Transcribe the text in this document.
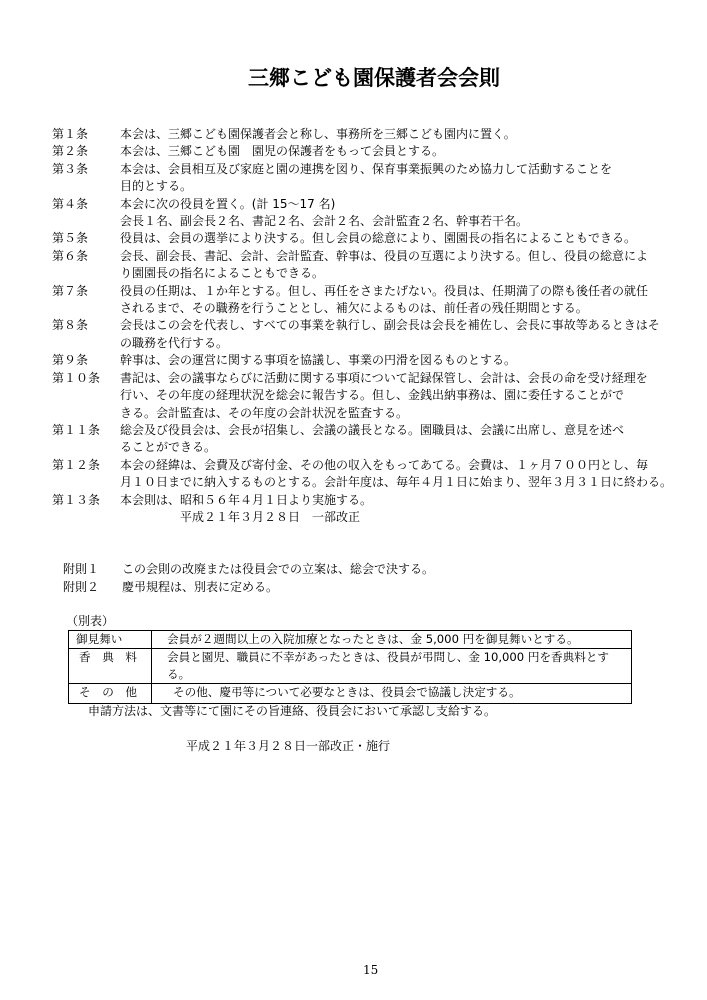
三郷こども園保護者会会則
第１条	本会は、三郷こども園保護者会と称し、事務所を三郷こども園内に置く。
第２条	本会は、三郷こども園　園児の保護者をもって会員とする。
第３条	本会は、会員相互及び家庭と園の連携を図り、保育事業振興のため協力して活動することを
目的とする。
第４条	本会に次の役員を置く。(計 15～17 名)
会長１名、副会長２名、書記２名、会計２名、会計監査２名、幹事若干名。
第５条	役員は、会員の選挙により決する。但し会員の総意により、園園長の指名によることもできる。
第６条	会長、副会長、書記、会計、会計監査、幹事は、役員の互選により決する。但し、役員の総意によ
り園園長の指名によることもできる。
第７条	役員の任期は、１か年とする。但し、再任をさまたげない。役員は、任期満了の際も後任者の就任
されるまで、その職務を行うこととし、補欠によるものは、前任者の残任期間とする。
第８条	会長はこの会を代表し、すべての事業を執行し、副会長は会長を補佐し、会長に事故等あるときはそ
の職務を代行する。
第９条	幹事は、会の運営に関する事項を協議し、事業の円滑を図るものとする。
第１０条	書記は、会の議事ならびに活動に関する事項について記録保管し、会計は、会長の命を受け経理を
行い、その年度の経理状況を総会に報告する。但し、金銭出納事務は、園に委任することがで
きる。会計監査は、その年度の会計状況を監査する。
第１１条	総会及び役員会は、会長が招集し、会議の議長となる。園職員は、会議に出席し、意見を述べ
ることができる。
第１２条	本会の経緯は、会費及び寄付金、その他の収入をもってあてる。会費は、１ヶ月７００円とし、毎
月１０日までに納入するものとする。会計年度は、毎年４月１日に始まり、翌年３月３１日に終わる。
第１３条	本会則は、昭和５６年４月１日より実施する。
平成２１年３月２８日　一部改正
附則１	この会則の改廃または役員会での立案は、総会で決する。
附則２	慶弔規程は、別表に定める。
（別表）
御見舞い	会員が２週間以上の入院加療となったときは、金 5,000 円を御見舞いとする。

香　典　料	会員と園児、職員に不幸があったときは、役員が弔問し、金 10,000 円を香典料とす
る。

そ　の　他	その他、慶弔等について必要なときは、役員会で協議し決定する。
申請方法は、文書等にて園にその旨連絡、役員会において承認し支給する。
平成２１年３月２８日一部改正・施行
15
